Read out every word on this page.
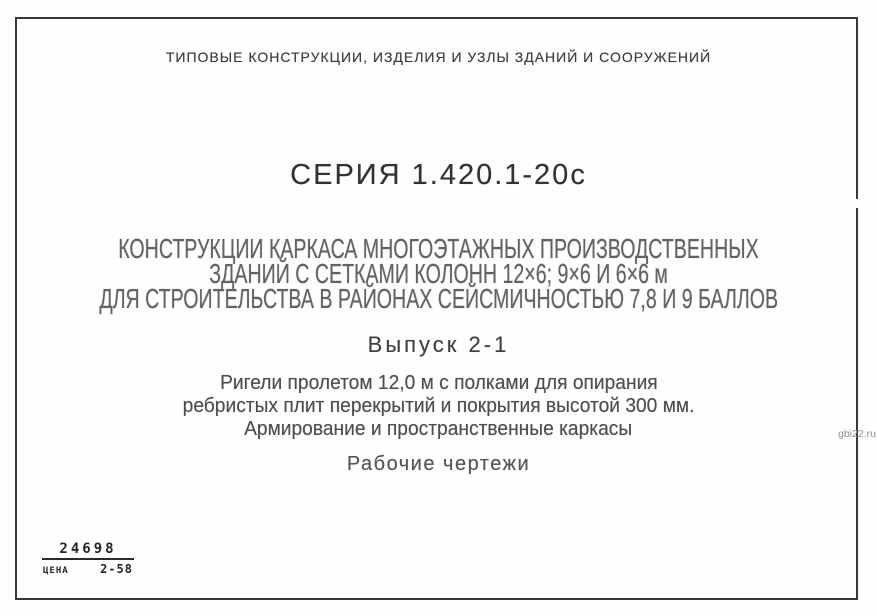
ТИПОВЫЕ КОНСТРУКЦИИ, ИЗДЕЛИЯ И УЗЛЫ ЗДАНИЙ И СООРУЖЕНИЙ
СЕРИЯ 1.420.1-20с
КОНСТРУКЦИИ КАРКАСА МНОГОЭТАЖНЫХ ПРОИЗВОДСТВЕННЫХ
ЗДАНИЙ С СЕТКАМИ КОЛОНН 12×6; 9×6 И 6×6 м
ДЛЯ СТРОИТЕЛЬСТВА В РАЙОНАХ СЕЙСМИЧНОСТЬЮ 7,8 И 9 БАЛЛОВ
Выпуск 2-1
Ригели пролетом 12,0 м с полками для опирания
ребристых плит перекрытий и покрытия высотой 300 мм.
Армирование и пространственные каркасы
Рабочие чертежи
24698
ЦЕНА	2-58
gbi22.ru
